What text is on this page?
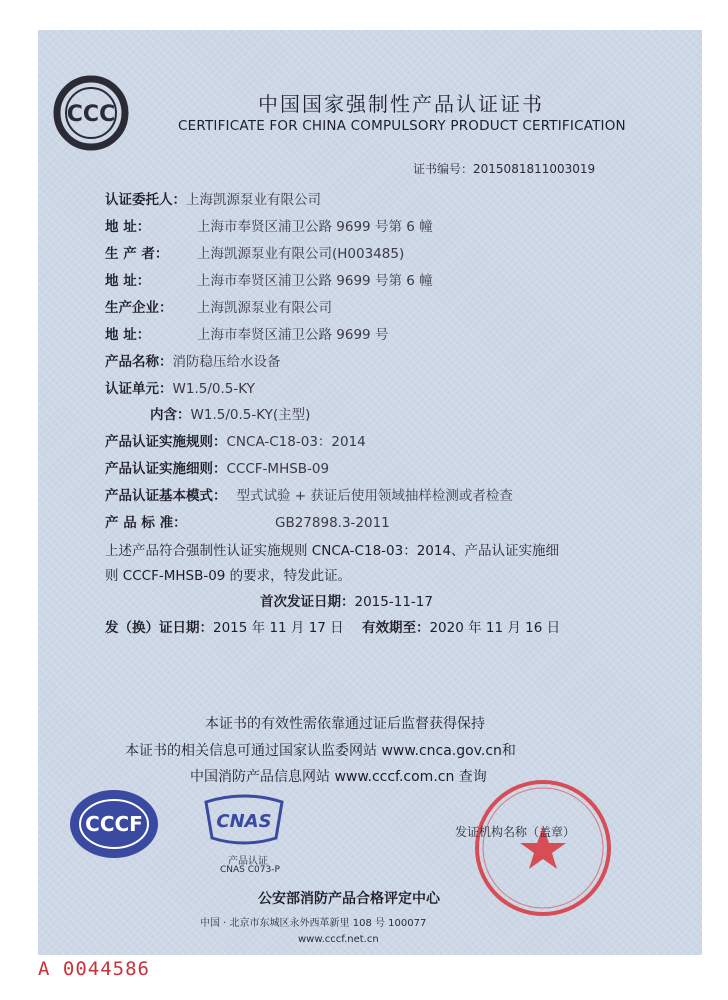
CCC	中国国家强制性产品认证证书
CERTIFICATE FOR CHINA COMPULSORY PRODUCT CERTIFICATION
证书编号：2015081811003019
认证委托人：上海凯源泵业有限公司
地 址：	上海市奉贤区浦卫公路 9699 号第 6 幢
生 产 者： 上海凯源泵业有限公司(H003485)
地 址：	上海市奉贤区浦卫公路 9699 号第 6 幢
生产企业： 上海凯源泵业有限公司
地 址：	上海市奉贤区浦卫公路 9699 号
产品名称：消防稳压给水设备
认证单元：W1.5/0.5-KY
内含：W1.5/0.5-KY(主型)
产品认证实施规则：CNCA-C18-03：2014
产品认证实施细则：CCCF-MHSB-09
产品认证基本模式： 型式试验 + 获证后使用领域抽样检测或者检查
产 品 标 准：	GB27898.3-2011
上述产品符合强制性认证实施规则 CNCA-C18-03：2014、产品认证实施细
则 CCCF-MHSB-09 的要求，特发此证。
首次发证日期：2015-11-17
发（换）证日期：2015 年 11 月 17 日 有效期至：2020 年 11 月 16 日
本证书的有效性需依靠通过证后监督获得保持
本证书的相关信息可通过国家认监委网站 www.cnca.gov.cn和
中国消防产品信息网站 www.cccf.com.cn 查询
CCCF	CNAS
产品认证
CNAS C073-P
发证机构名称（盖章）
公安部消防产品合格评定中心
中国 · 北京市东城区永外西革新里 108 号 100077
www.cccf.net.cn
A 0044586
